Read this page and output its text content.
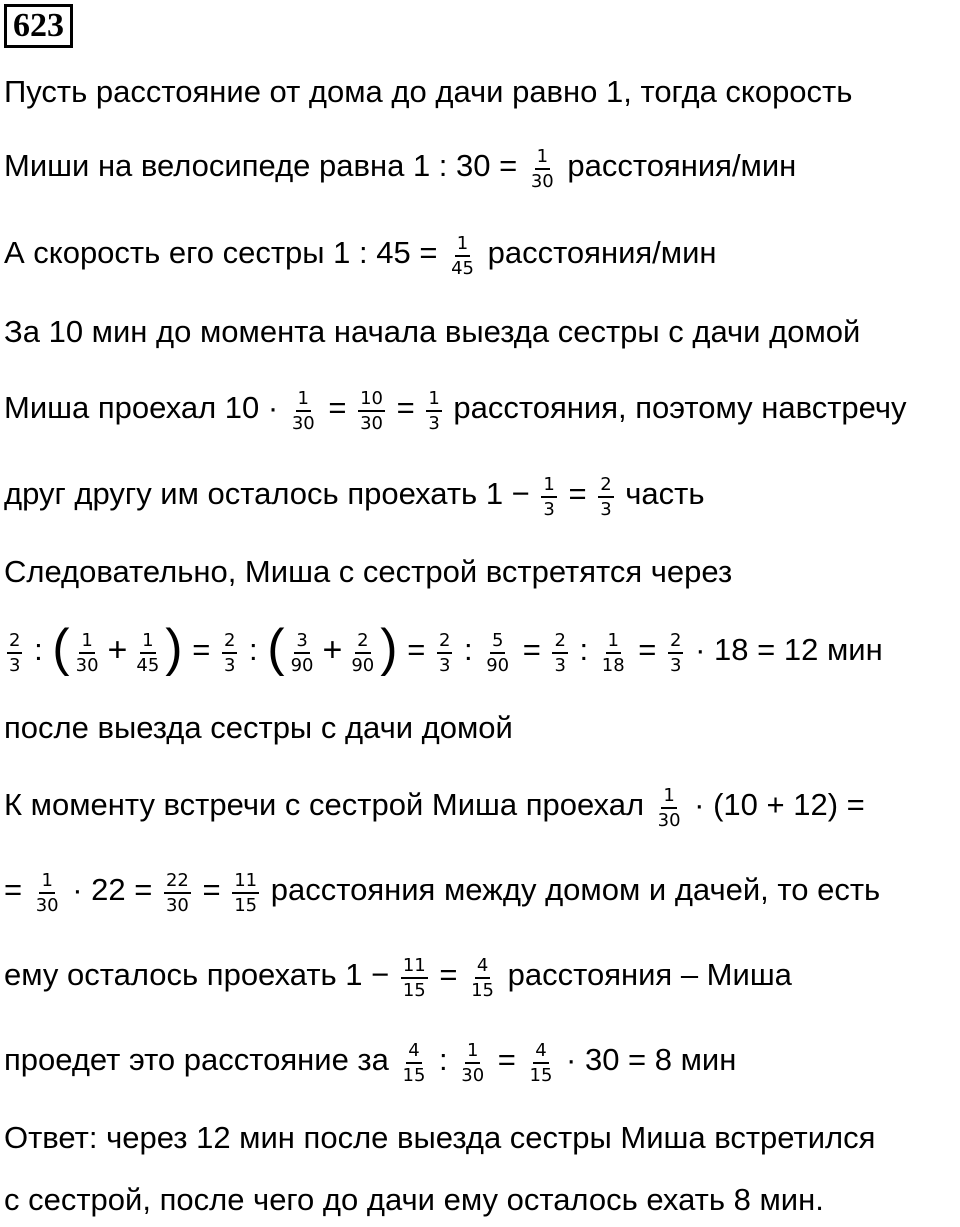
623
Пусть расстояние от дома до дачи равно 1, тогда скорость
Миши на велосипеде равна 1 : $30 = \frac{1}{30}$ расстояния/мин
А скорость его сестры 1 : $45 = \frac{1}{45}$ расстояния/мин
За 10 мин до момента начала выезда сестры с дачи домой
Миша проехал $10 \cdot \frac{1}{30} = \frac{10}{30} = \frac{1}{3}$ расстояния, поэтому навстречу
друг другу им осталось проехать $1 - \frac{1}{3} = \frac{2}{3}$ часть
Следовательно, Миша с сестрой встретятся через
$\frac{2}{3}$ : ( $\frac{1}{30} + \frac{1}{45}$ ) = $\frac{2}{3}$ : ( $\frac{3}{90} + \frac{2}{90}$ ) = $\frac{2}{3}$ : $\frac{5}{90} = \frac{2}{3}$ : $\frac{1}{18} = \frac{2}{3} \cdot 18 = 12$ мин
после выезда сестры с дачи домой
К моменту встречи с сестрой Миша проехал $\frac{1}{30} \cdot (10 + 12)$ =
= $\frac{1}{30} \cdot 22 = \frac{22}{30} = \frac{11}{15}$ расстояния между домом и дачей, то есть
ему осталось проехать $1 - \frac{11}{15} = \frac{4}{15}$ расстояния – Миша
проедет это расстояние за $\frac{4}{15}$ : $\frac{1}{30} = \frac{4}{15} \cdot 30 = 8$ мин
Ответ: через 12 мин после выезда сестры Миша встретился
с сестрой, после чего до дачи ему осталось ехать 8 мин.
